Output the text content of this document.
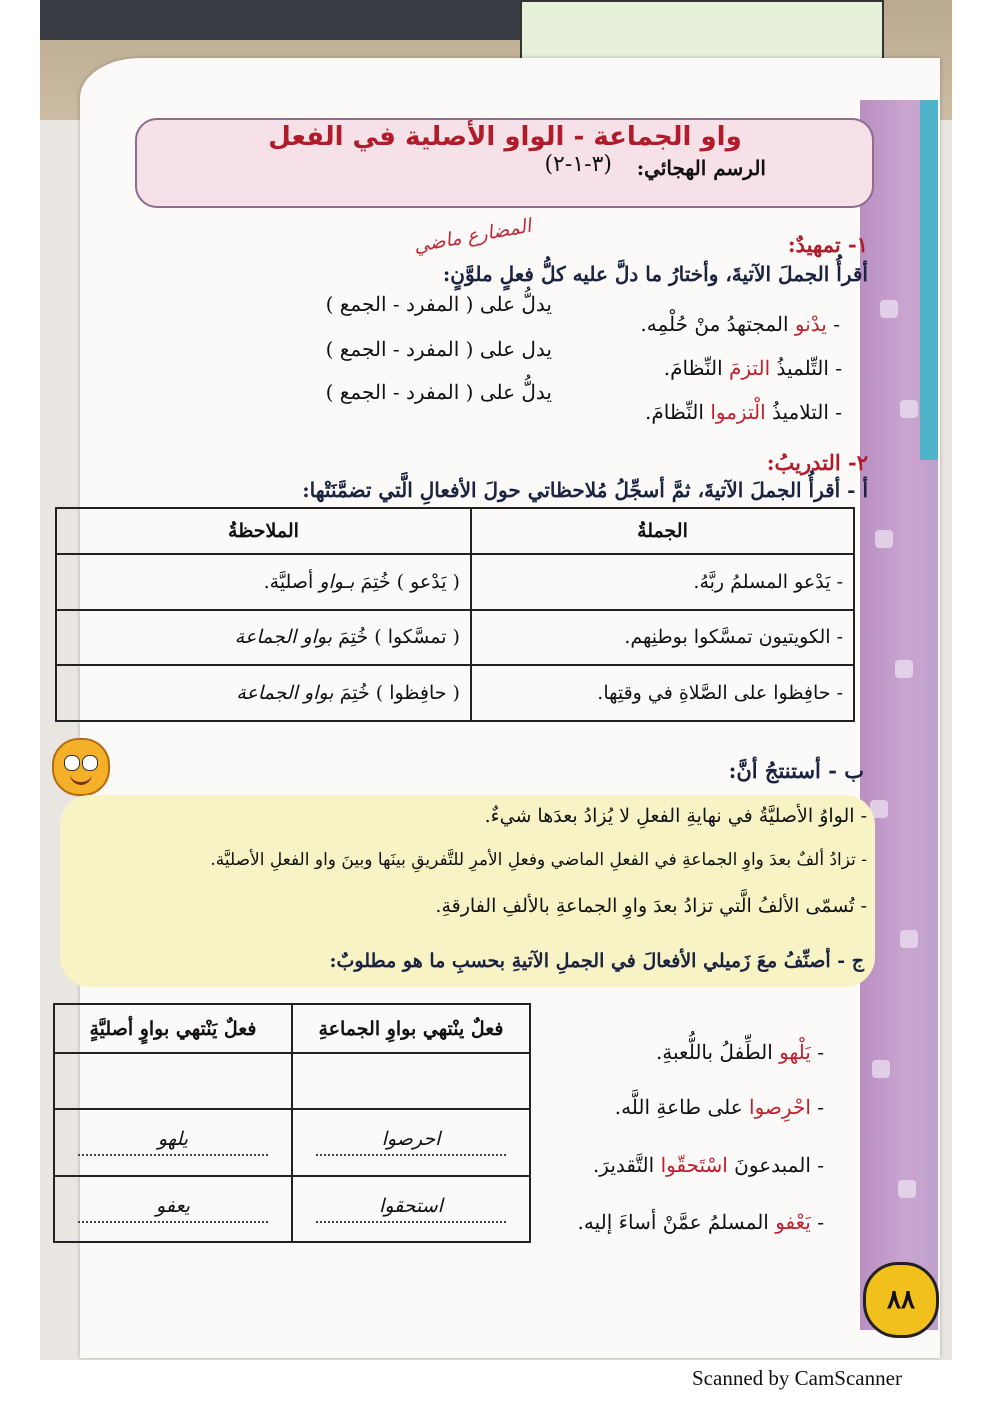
واو الجماعة - الواو الأصلية في الفعل
الرسم الهجائي:
(٣-١-٢)
١- تمهيدٌ:
المضارع ماضي
أقرأُ الجملَ الآتيةَ، وأختارُ ما دلَّ عليه كلُّ فعلٍ ملوَّنٍ:
- يدْنو المجتهدُ منْ حُلْمِه.
يدلُّ على ( المفرد - الجمع )
- التِّلميذُ التزمَ النِّظامَ.
يدل على ( المفرد - الجمع )
- التلاميذُ الْتزموا النِّظامَ.
يدلُّ على ( المفرد - الجمع )
٢- التدريبُ:
أ - أقرأُ الجملَ الآتيةَ، ثمَّ أسجِّلُ مُلاحظاتي حولَ الأفعالِ الَّتي تضمَّنَتْها:
الجملةُ	الملاحظةُ
- يَدْعو المسلمُ ربَّهُ.	( يَدْعو ) خُتِمَ بـواو أصليَّة.
- الكويتيون تمسَّكوا بوطنِهم.	( تمسَّكوا ) خُتِمَ بواو الجماعة
- حافِظوا على الصَّلاةِ في وقتِها.	( حافِظوا ) خُتِمَ بواو الجماعة
ب - أستنتجُ أنَّ:
- الواوُ الأصليَّةُ في نهايةِ الفعلِ لا يُزادُ بعدَها شيءٌ.
- تزادُ ألفٌ بعدَ واوِ الجماعةِ في الفعلِ الماضي وفعلِ الأمرِ للتَّفريقِ بينَها وبينَ واو الفعلِ الأصليَّة.
- تُسمّى الألفُ الَّتي تزادُ بعدَ واوِ الجماعةِ بالألفِ الفارقةِ.
ج - أصنِّفُ معَ زَميلي الأفعالَ في الجملِ الآتيةِ بحسبِ ما هو مطلوبٌ:
فعلٌ ينْتهي بواوِ الجماعةِ	فعلٌ يَنْتهي بواوٍ أصليَّةٍ

احرصوا	يلهو
استحقوا	يعفو
- يَلْهو الطِّفلُ باللُّعبةِ.
- احْرِصوا على طاعةِ اللَّه.
- المبدعونَ اسْتَحقّوا التَّقديرَ.
- يَعْفو المسلمُ عمَّنْ أساءَ إليه.
٨٨
Scanned by CamScanner
